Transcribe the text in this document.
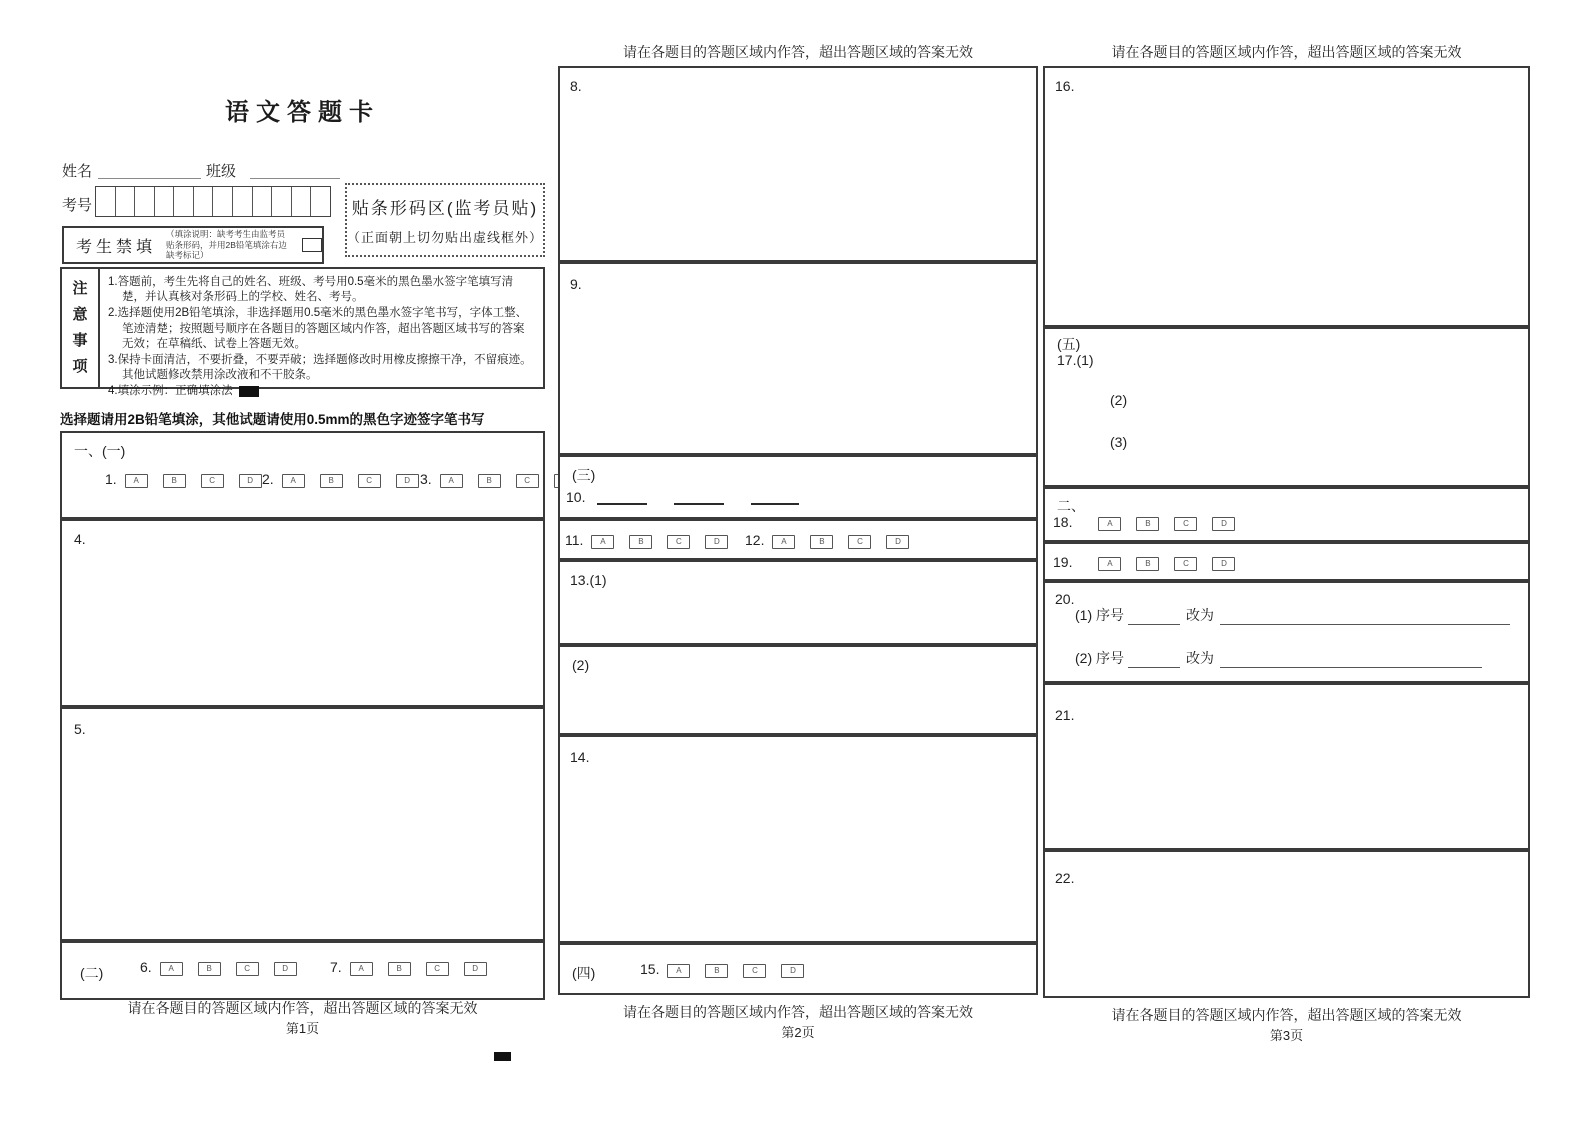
语文答题卡
姓名	班级
考号
考生禁填
（填涂说明：缺考考生由监考员贴条形码，并用2B铅笔填涂右边缺考标记）
贴条形码区(监考员贴)
（正面朝上切勿贴出虚线框外）
注意事项

1.答题前，考生先将自己的姓名、班级、考号用0.5毫米的黑色墨水签字笔填写清楚，并认真核对条形码上的学校、姓名、考号。

2.选择题使用2B铅笔填涂，非选择题用0.5毫米的黑色墨水签字笔书写，字体工整、笔迹清楚；按照题号顺序在各题目的答题区域内作答，超出答题区域书写的答案无效；在草稿纸、试卷上答题无效。

3.保持卡面清洁，不要折叠，不要弄破；选择题修改时用橡皮擦擦干净，不留痕迹。其他试题修改禁用涂改液和不干胶条。

4.填涂示例：正确填涂法

选择题请用2B铅笔填涂，其他试题请使用0.5mm的黑色字迹签字笔书写
一、(一)
1.	A	B	C	D 2.	A	B	C	D 3.	A	B	C
4.
5.
(二)	6.	A	B	C	D	7.	A	B	C	D
请在各题目的答题区域内作答，超出答题区域的答案无效
第1页
请在各题目的答题区域内作答，超出答题区域的答案无效
8.
9.
(三)
10.
11.	A	B	C	D	12.	A	B	C	D
13.(1)
(2)
14.
(四)	15.	A	B	C	D
请在各题目的答题区域内作答，超出答题区域的答案无效
第2页
请在各题目的答题区域内作答，超出答题区域的答案无效
16.
(五)
17.(1)
(2)
(3)
二、
18.	A	B	C	D
19.	A	B	C	D
20.
(1) 序号	改为
(2) 序号	改为
21.
22.
请在各题目的答题区域内作答，超出答题区域的答案无效
第3页
